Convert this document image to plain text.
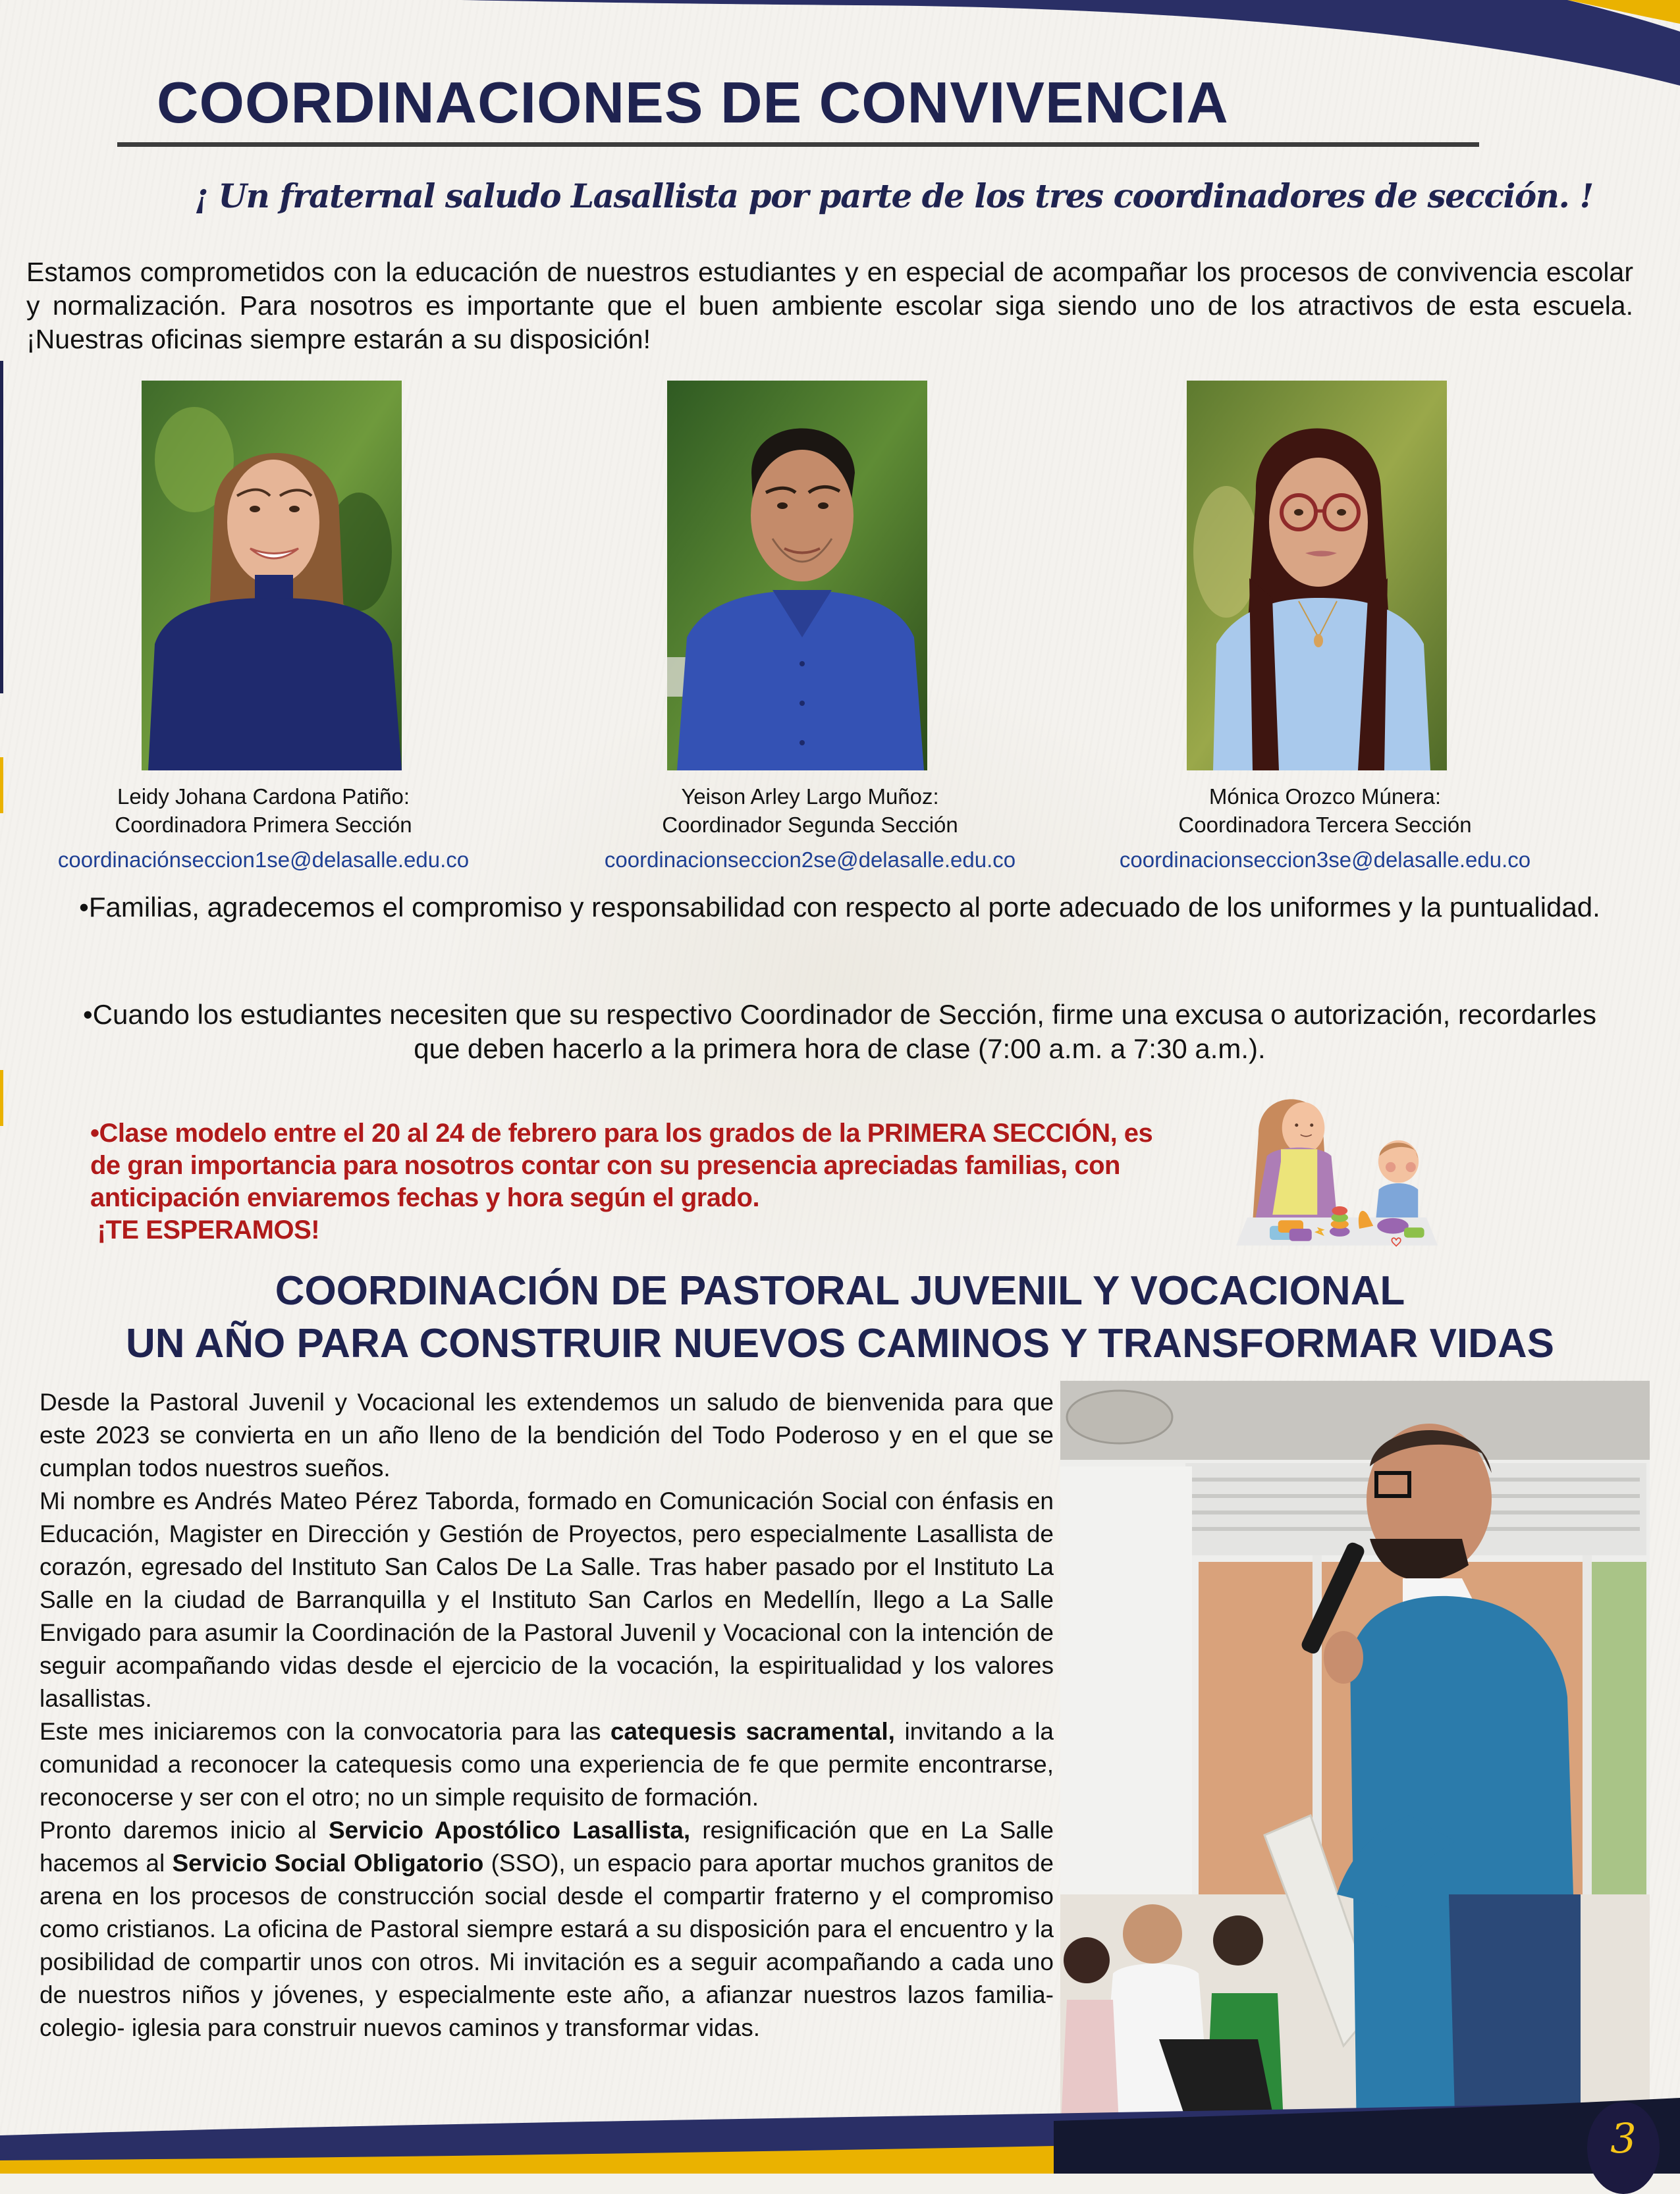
COORDINACIONES DE CONVIVENCIA
¡ Un fraternal saludo Lasallista por parte de los tres coordinadores de sección. !

Estamos comprometidos con la educación de nuestros estudiantes y en especial de acompañar los procesos de convivencia escolar y normalización. Para nosotros es importante que el buen ambiente escolar siga siendo uno de los atractivos de esta escuela. ¡Nuestras oficinas siempre estarán a su disposición!

Leidy Johana Cardona Patiño:
Coordinadora Primera Sección
coordinaciónseccion1se@delasalle.edu.co
Yeison Arley Largo Muñoz:
Coordinador Segunda Sección
coordinacionseccion2se@delasalle.edu.co
Mónica Orozco Múnera:
Coordinadora Tercera Sección
coordinacionseccion3se@delasalle.edu.co

•Familias, agradecemos el compromiso y responsabilidad con respecto al porte adecuado de los uniformes y la puntualidad.

•Cuando los estudiantes necesiten que su respectivo Coordinador de Sección, firme una excusa o autorización, recordarles que deben hacerlo a la primera hora de clase (7:00 a.m. a 7:30 a.m.).

•Clase modelo entre el 20 al 24 de febrero para los grados de la PRIMERA SECCIÓN, es
de gran importancia para nosotros contar con su presencia apreciadas familias, con
anticipación enviaremos fechas y hora según el grado.
¡TE ESPERAMOS!
COORDINACIÓN DE PASTORAL JUVENIL Y VOCACIONAL
UN AÑO PARA CONSTRUIR NUEVOS CAMINOS Y TRANSFORMAR VIDAS

Desde la Pastoral Juvenil y Vocacional les extendemos un saludo de bienvenida para que este 2023 se convierta en un año lleno de la bendición del Todo Poderoso y en el que se cumplan todos nuestros sueños.

Mi nombre es Andrés Mateo Pérez Taborda, formado en Comunicación Social con énfasis en Educación, Magister en Dirección y Gestión de Proyectos, pero especialmente Lasallista de corazón, egresado del Instituto San Calos De La Salle. Tras haber pasado por el Instituto La Salle en la ciudad de Barranquilla y el Instituto San Carlos en Medellín, llego a La Salle Envigado para asumir la Coordinación de la Pastoral Juvenil y Vocacional con la intención de seguir acompañando vidas desde el ejercicio de la vocación, la espiritualidad y los valores lasallistas.

Este mes iniciaremos con la convocatoria para las catequesis sacramental, invitando a la comunidad a reconocer la catequesis como una experiencia de fe que permite encontrarse, reconocerse y ser con el otro; no un simple requisito de formación.

Pronto daremos inicio al Servicio Apostólico Lasallista, resignificación que en La Salle hacemos al Servicio Social Obligatorio (SSO), un espacio para aportar muchos granitos de arena en los procesos de construcción social desde el compartir fraterno y el compromiso como cristianos. La oficina de Pastoral siempre estará a su disposición para el encuentro y la posibilidad de compartir unos con otros. Mi invitación es a seguir acompañando a cada uno de nuestros niños y jóvenes, y especialmente este año, a afianzar nuestros lazos familia- colegio- iglesia para construir nuevos caminos y transformar vidas.

3
